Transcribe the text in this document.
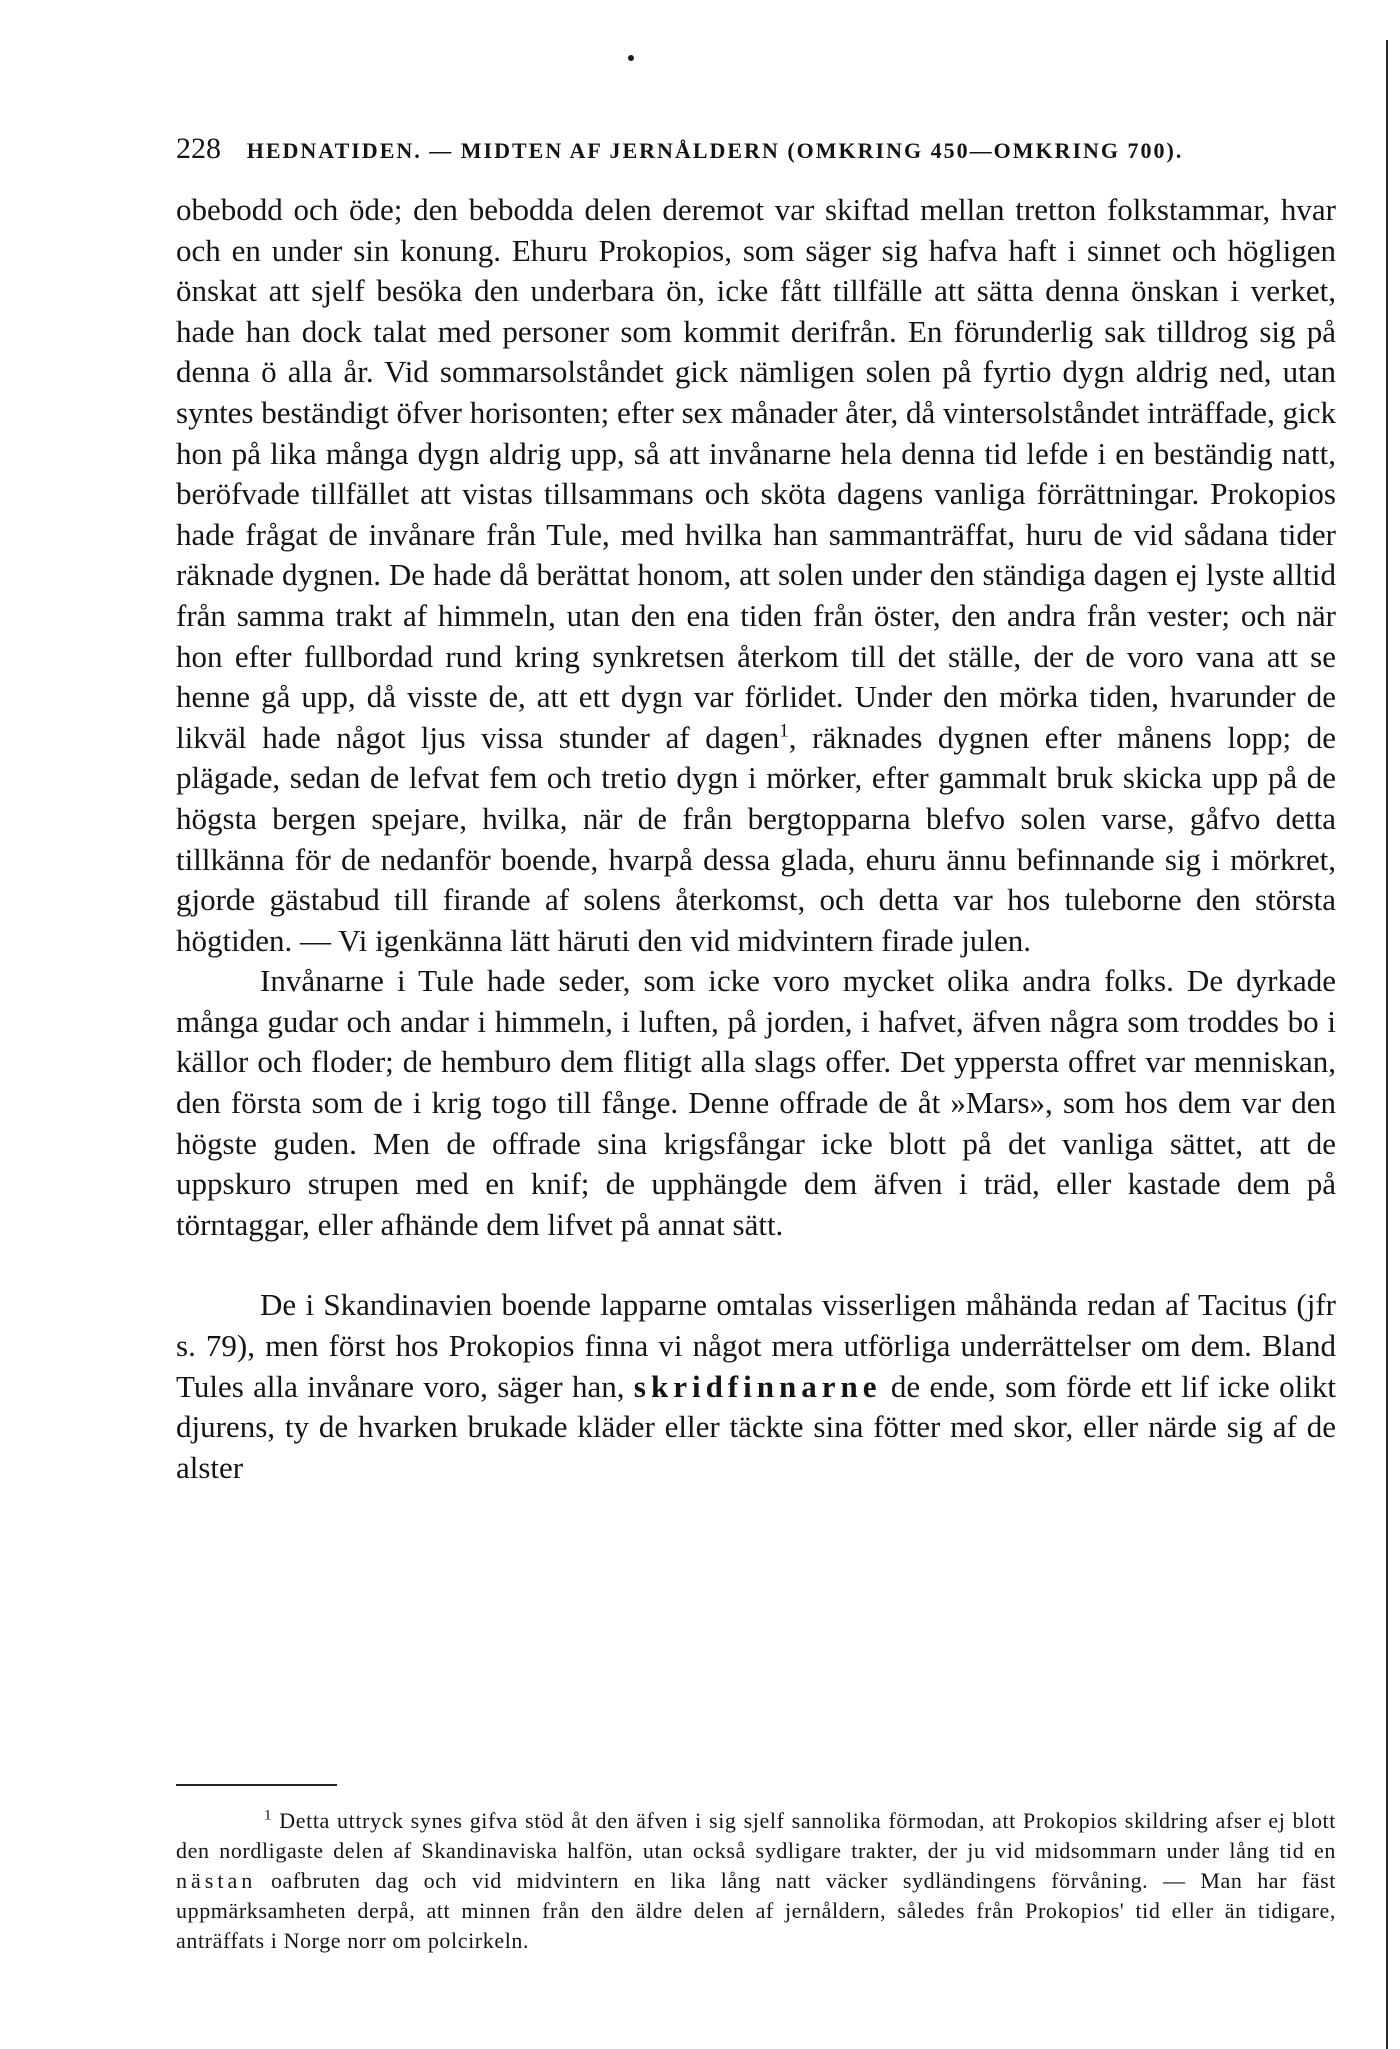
228 HEDNATIDEN. — MIDTEN AF JERNÅLDERN (OMKRING 450—OMKRING 700).

obebodd och öde; den bebodda delen deremot var skiftad mellan tretton folkstammar, hvar och en under sin konung. Ehuru Prokopios, som säger sig hafva haft i sinnet och högligen önskat att sjelf besöka den underbara ön, icke fått tillfälle att sätta denna önskan i verket, hade han dock talat med personer som kommit derifrån. En förunderlig sak tilldrog sig på denna ö alla år. Vid sommarsolståndet gick nämligen solen på fyrtio dygn aldrig ned, utan syntes beständigt öfver horisonten; efter sex månader åter, då vintersolståndet inträffade, gick hon på lika många dygn aldrig upp, så att invånarne hela denna tid lefde i en beständig natt, beröfvade tillfället att vistas tillsammans och sköta dagens vanliga förrättningar. Prokopios hade frågat de invånare från Tule, med hvilka han sammanträffat, huru de vid sådana tider räknade dygnen. De hade då berättat honom, att solen under den ständiga dagen ej lyste alltid från samma trakt af himmeln, utan den ena tiden från öster, den andra från vester; och när hon efter fullbordad rund kring synkretsen återkom till det ställe, der de voro vana att se henne gå upp, då visste de, att ett dygn var förlidet. Under den mörka tiden, hvarunder de likväl hade något ljus vissa stunder af dagen$^1$, räknades dygnen efter månens lopp; de plägade, sedan de lefvat fem och tretio dygn i mörker, efter gammalt bruk skicka upp på de högsta bergen spejare, hvilka, när de från bergtopparna blefvo solen varse, gåfvo detta tillkänna för de nedanför boende, hvarpå dessa glada, ehuru ännu befinnande sig i mörkret, gjorde gästabud till firande af solens återkomst, och detta var hos tuleborne den största högtiden. — Vi igenkänna lätt häruti den vid midvintern firade julen.

Invånarne i Tule hade seder, som icke voro mycket olika andra folks. De dyrkade många gudar och andar i himmeln, i luften, på jorden, i hafvet, äfven några som troddes bo i källor och floder; de hemburo dem flitigt alla slags offer. Det yppersta offret var menniskan, den första som de i krig togo till fånge. Denne offrade de åt »Mars», som hos dem var den högste guden. Men de offrade sina krigsfångar icke blott på det vanliga sättet, att de uppskuro strupen med en knif; de upphängde dem äfven i träd, eller kastade dem på törntaggar, eller afhände dem lifvet på annat sätt.

De i Skandinavien boende lapparne omtalas visserligen måhända redan af Tacitus (jfr s. 79), men först hos Prokopios finna vi något mera utförliga underrättelser om dem. Bland Tules alla invånare voro, säger han, skridfinnarne de ende, som förde ett lif icke olikt djurens, ty de hvarken brukade kläder eller täckte sina fötter med skor, eller närde sig af de alster

$^1$ Detta uttryck synes gifva stöd åt den äfven i sig sjelf sannolika förmodan, att Prokopios skildring afser ej blott den nordligaste delen af Skandinaviska halfön, utan också sydligare trakter, der ju vid midsommarn under lång tid en nästan oafbruten dag och vid midvintern en lika lång natt väcker sydländingens förvåning. — Man har fäst uppmärksamheten derpå, att minnen från den äldre delen af jernåldern, således från Prokopios' tid eller än tidigare, anträffats i Norge norr om polcirkeln.
